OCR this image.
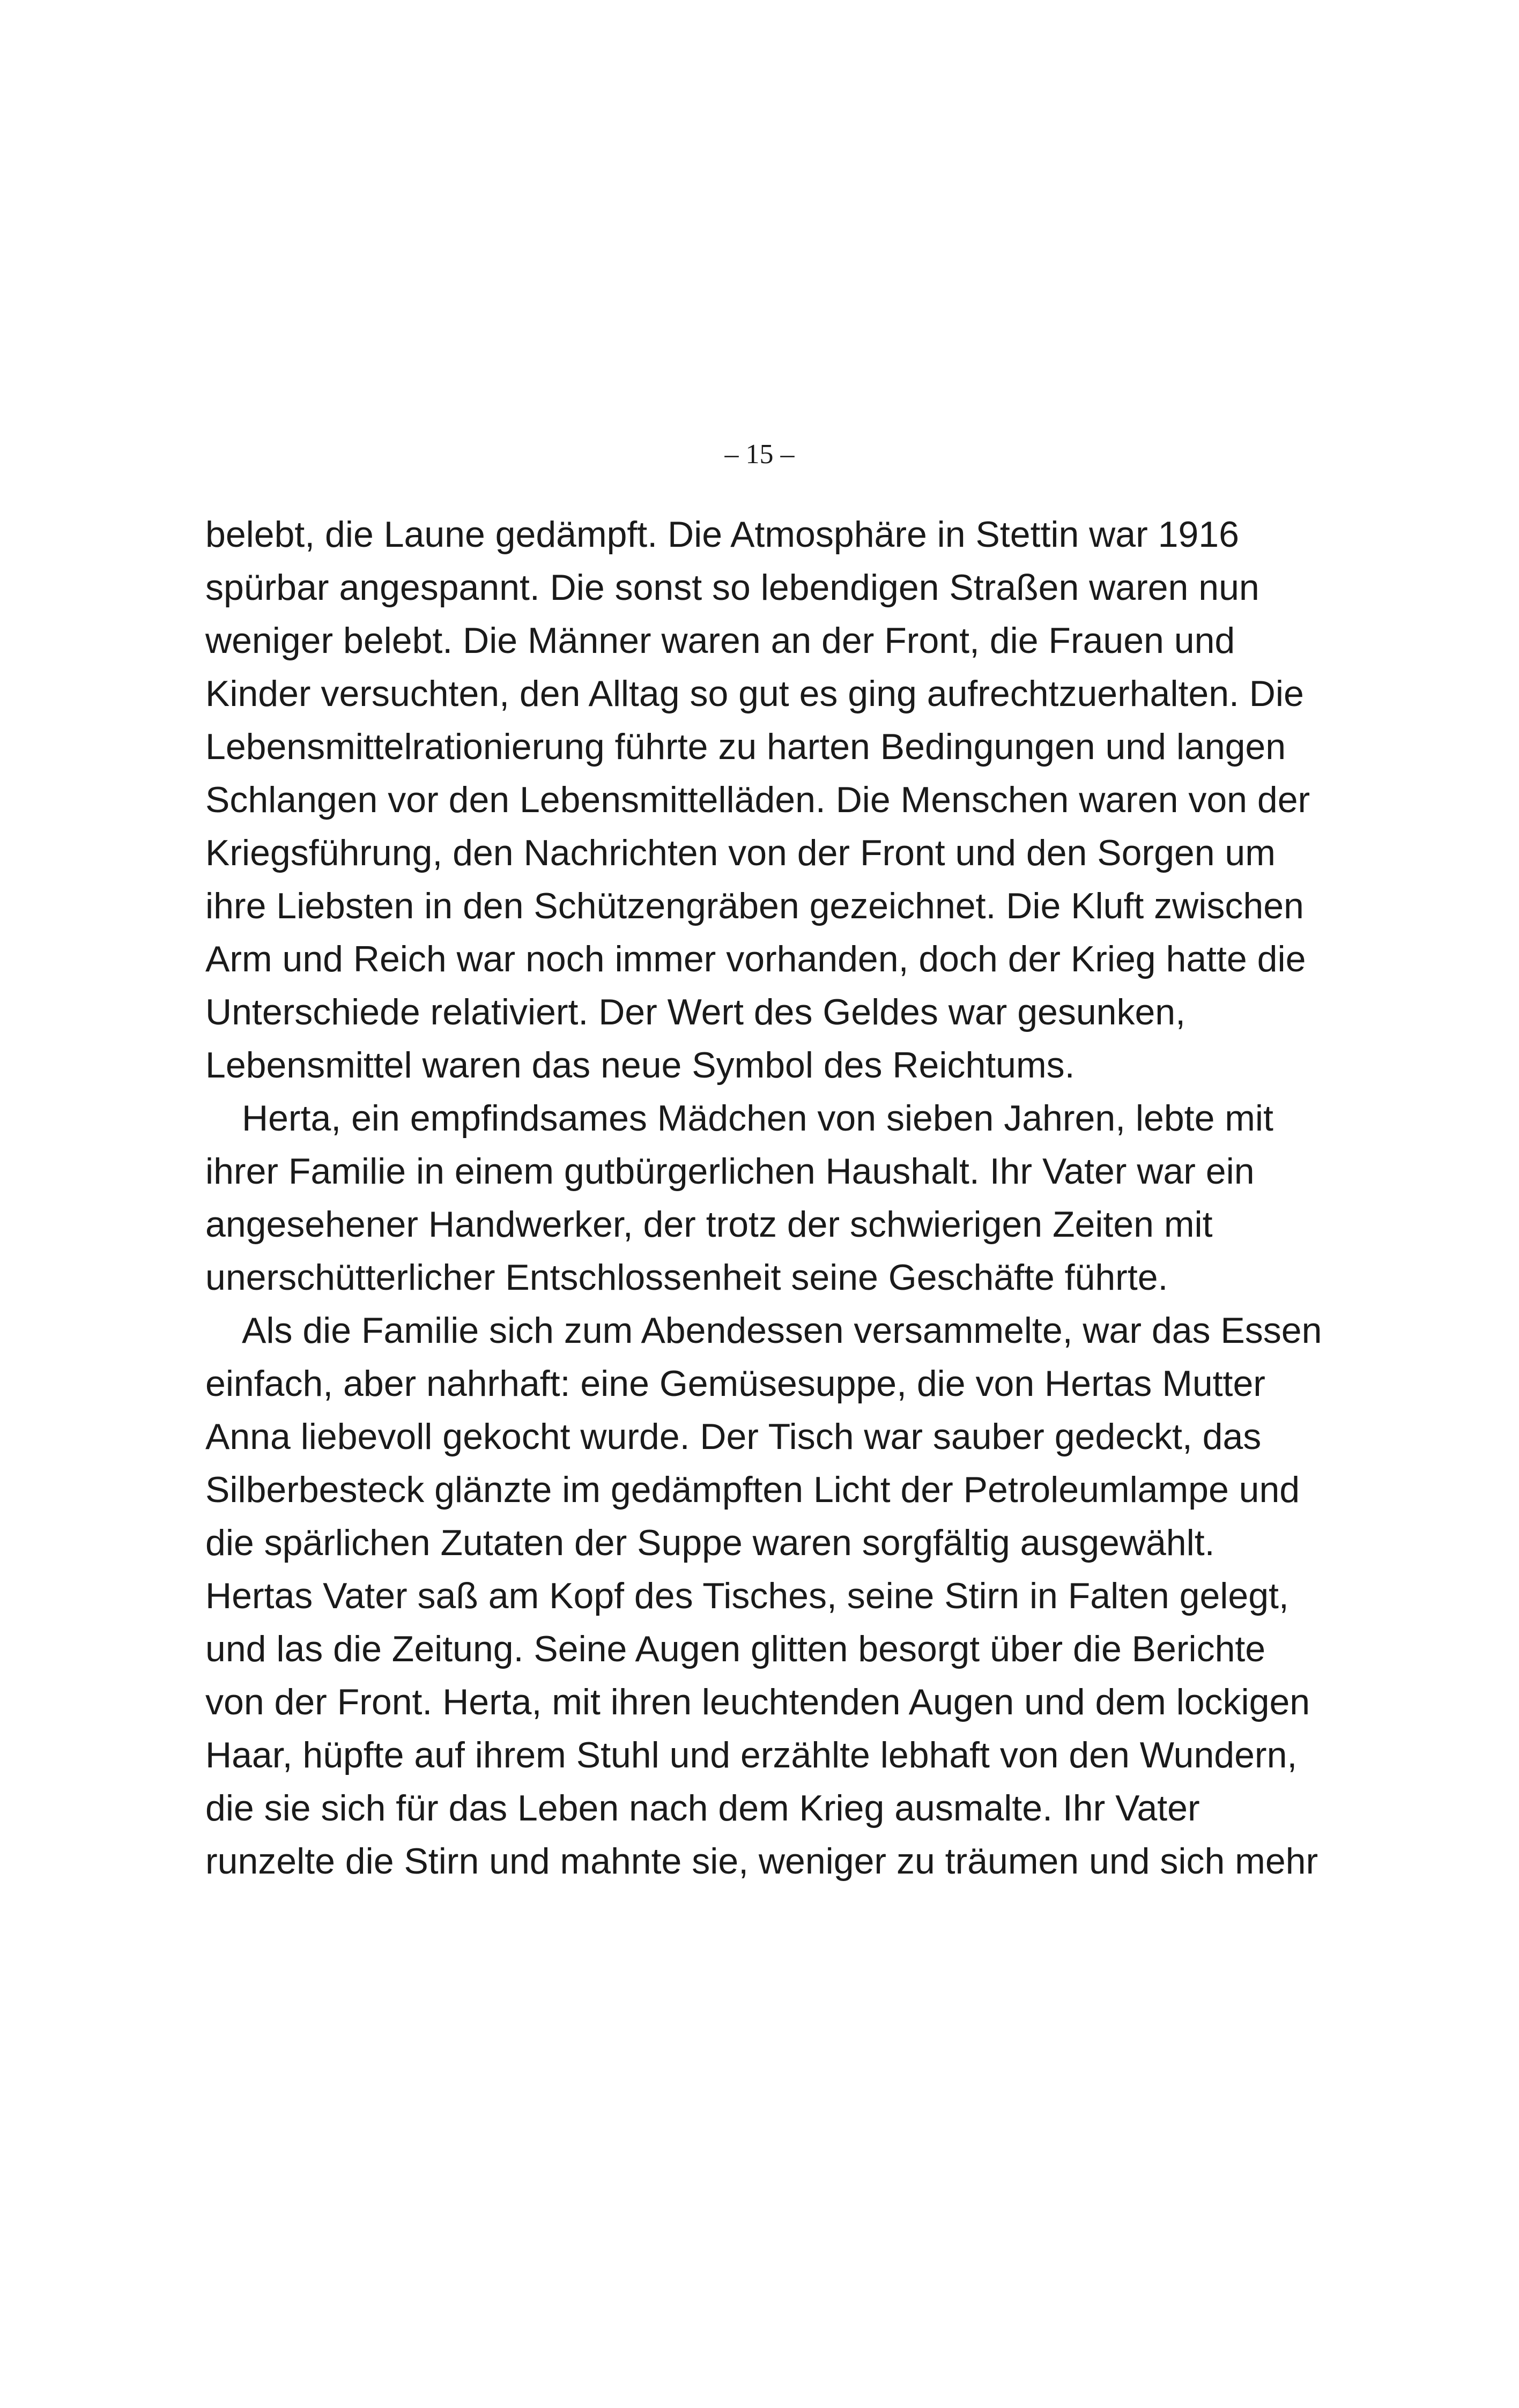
– 15 –
belebt, die Laune gedämpft. Die Atmosphäre in Stettin war 1916
spürbar angespannt. Die sonst so lebendigen Straßen waren nun
weniger belebt. Die Männer waren an der Front, die Frauen und
Kinder versuchten, den Alltag so gut es ging aufrechtzuerhalten. Die
Lebensmittelrationierung führte zu harten Bedingungen und langen
Schlangen vor den Lebensmittelläden. Die Menschen waren von der
Kriegsführung, den Nachrichten von der Front und den Sorgen um
ihre Liebsten in den Schützengräben gezeichnet. Die Kluft zwischen
Arm und Reich war noch immer vorhanden, doch der Krieg hatte die
Unterschiede relativiert. Der Wert des Geldes war gesunken,
Lebensmittel waren das neue Symbol des Reichtums.
Herta, ein empfindsames Mädchen von sieben Jahren, lebte mit
ihrer Familie in einem gutbürgerlichen Haushalt. Ihr Vater war ein
angesehener Handwerker, der trotz der schwierigen Zeiten mit
unerschütterlicher Entschlossenheit seine Geschäfte führte.
Als die Familie sich zum Abendessen versammelte, war das Essen
einfach, aber nahrhaft: eine Gemüsesuppe, die von Hertas Mutter
Anna liebevoll gekocht wurde. Der Tisch war sauber gedeckt, das
Silberbesteck glänzte im gedämpften Licht der Petroleumlampe und
die spärlichen Zutaten der Suppe waren sorgfältig ausgewählt.
Hertas Vater saß am Kopf des Tisches, seine Stirn in Falten gelegt,
und las die Zeitung. Seine Augen glitten besorgt über die Berichte
von der Front. Herta, mit ihren leuchtenden Augen und dem lockigen
Haar, hüpfte auf ihrem Stuhl und erzählte lebhaft von den Wundern,
die sie sich für das Leben nach dem Krieg ausmalte. Ihr Vater
runzelte die Stirn und mahnte sie, weniger zu träumen und sich mehr
